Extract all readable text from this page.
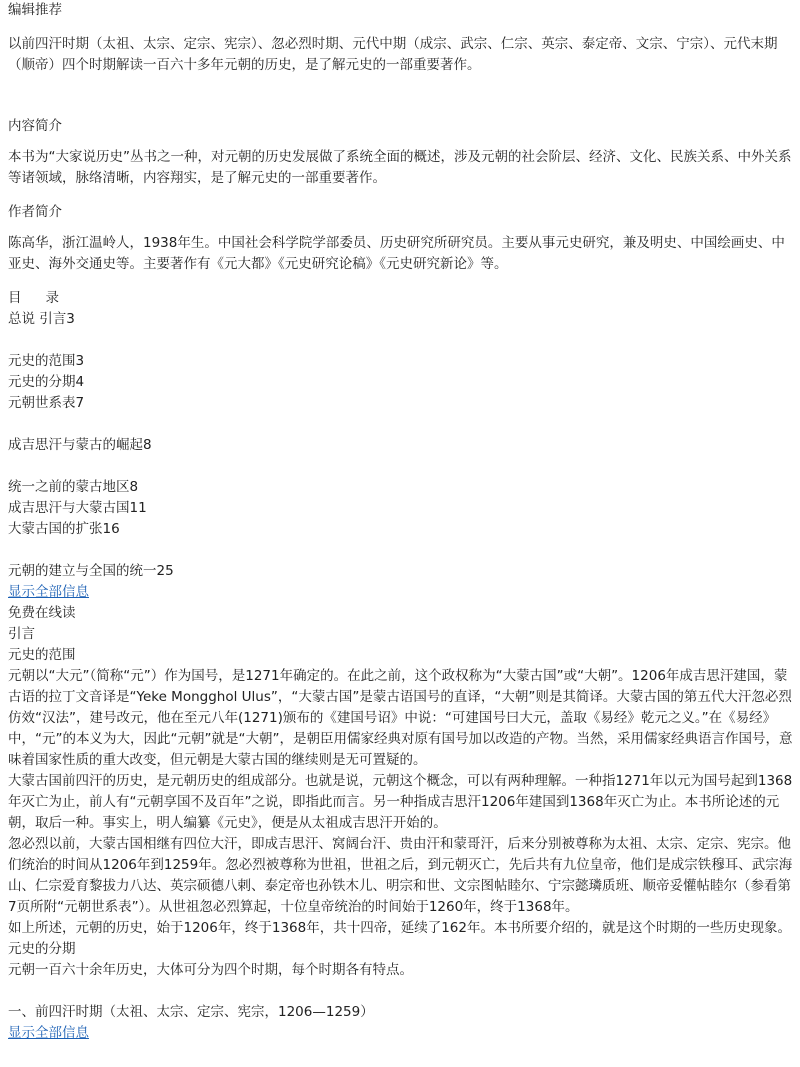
编辑推荐
以前四汗时期（太祖、太宗、定宗、宪宗）、忽必烈时期、元代中期（成宗、武宗、仁宗、英宗、泰定帝、文宗、宁宗）、元代末期（顺帝）四个时期解读一百六十多年元朝的历史，是了解元史的一部重要著作。
内容简介
本书为“大家说历史”丛书之一种，对元朝的历史发展做了系统全面的概述，涉及元朝的社会阶层、经济、文化、民族关系、中外关系等诸领域，脉络清晰，内容翔实，是了解元史的一部重要著作。
作者简介
陈高华，浙江温岭人，1938年生。中国社会科学院学部委员、历史研究所研究员。主要从事元史研究，兼及明史、中国绘画史、中亚史、海外交通史等。主要著作有《元大都》《元史研究论稿》《元史研究新论》等。
目 录
总说 引言3
元史的范围3
元史的分期4
元朝世系表7
成吉思汗与蒙古的崛起8
统一之前的蒙古地区8
成吉思汗与大蒙古国11
大蒙古国的扩张16
元朝的建立与全国的统一25
显示全部信息
免费在线读
引言
元史的范围
元朝以“大元”（简称“元”）作为国号，是1271年确定的。在此之前，这个政权称为“大蒙古国”或“大朝”。1206年成吉思汗建国，蒙古语的拉丁文音译是“Yeke Mongghol Ulus”，“大蒙古国”是蒙古语国号的直译，“大朝”则是其简译。大蒙古国的第五代大汗忽必烈仿效“汉法”，建号改元，他在至元八年(1271)颁布的《建国号诏》中说：“可建国号曰大元，盖取《易经》乾元之义。”在《易经》中，“元”的本义为大，因此“元朝”就是“大朝”，是朝臣用儒家经典对原有国号加以改造的产物。当然，采用儒家经典语言作国号，意味着国家性质的重大改变，但元朝是大蒙古国的继续则是无可置疑的。
大蒙古国前四汗的历史，是元朝历史的组成部分。也就是说，元朝这个概念，可以有两种理解。一种指1271年以元为国号起到1368年灭亡为止，前人有“元朝享国不及百年”之说，即指此而言。另一种指成吉思汗1206年建国到1368年灭亡为止。本书所论述的元朝，取后一种。事实上，明人编纂《元史》，便是从太祖成吉思汗开始的。
忽必烈以前，大蒙古国相继有四位大汗，即成吉思汗、窝阔台汗、贵由汗和蒙哥汗，后来分别被尊称为太祖、太宗、定宗、宪宗。他们统治的时间从1206年到1259年。忽必烈被尊称为世祖，世祖之后，到元朝灭亡，先后共有九位皇帝，他们是成宗铁穆耳、武宗海山、仁宗爱育黎拔力八达、英宗硕德八剌、泰定帝也孙铁木儿、明宗和世、文宗图帖睦尔、宁宗懿璘质班、顺帝妥懽帖睦尔（参看第7页所附“元朝世系表”）。从世祖忽必烈算起，十位皇帝统治的时间始于1260年，终于1368年。
如上所述，元朝的历史，始于1206年，终于1368年，共十四帝，延续了162年。本书所要介绍的，就是这个时期的一些历史现象。
元史的分期
元朝一百六十余年历史，大体可分为四个时期，每个时期各有特点。
一、前四汗时期（太祖、太宗、定宗、宪宗，1206—1259）
显示全部信息
